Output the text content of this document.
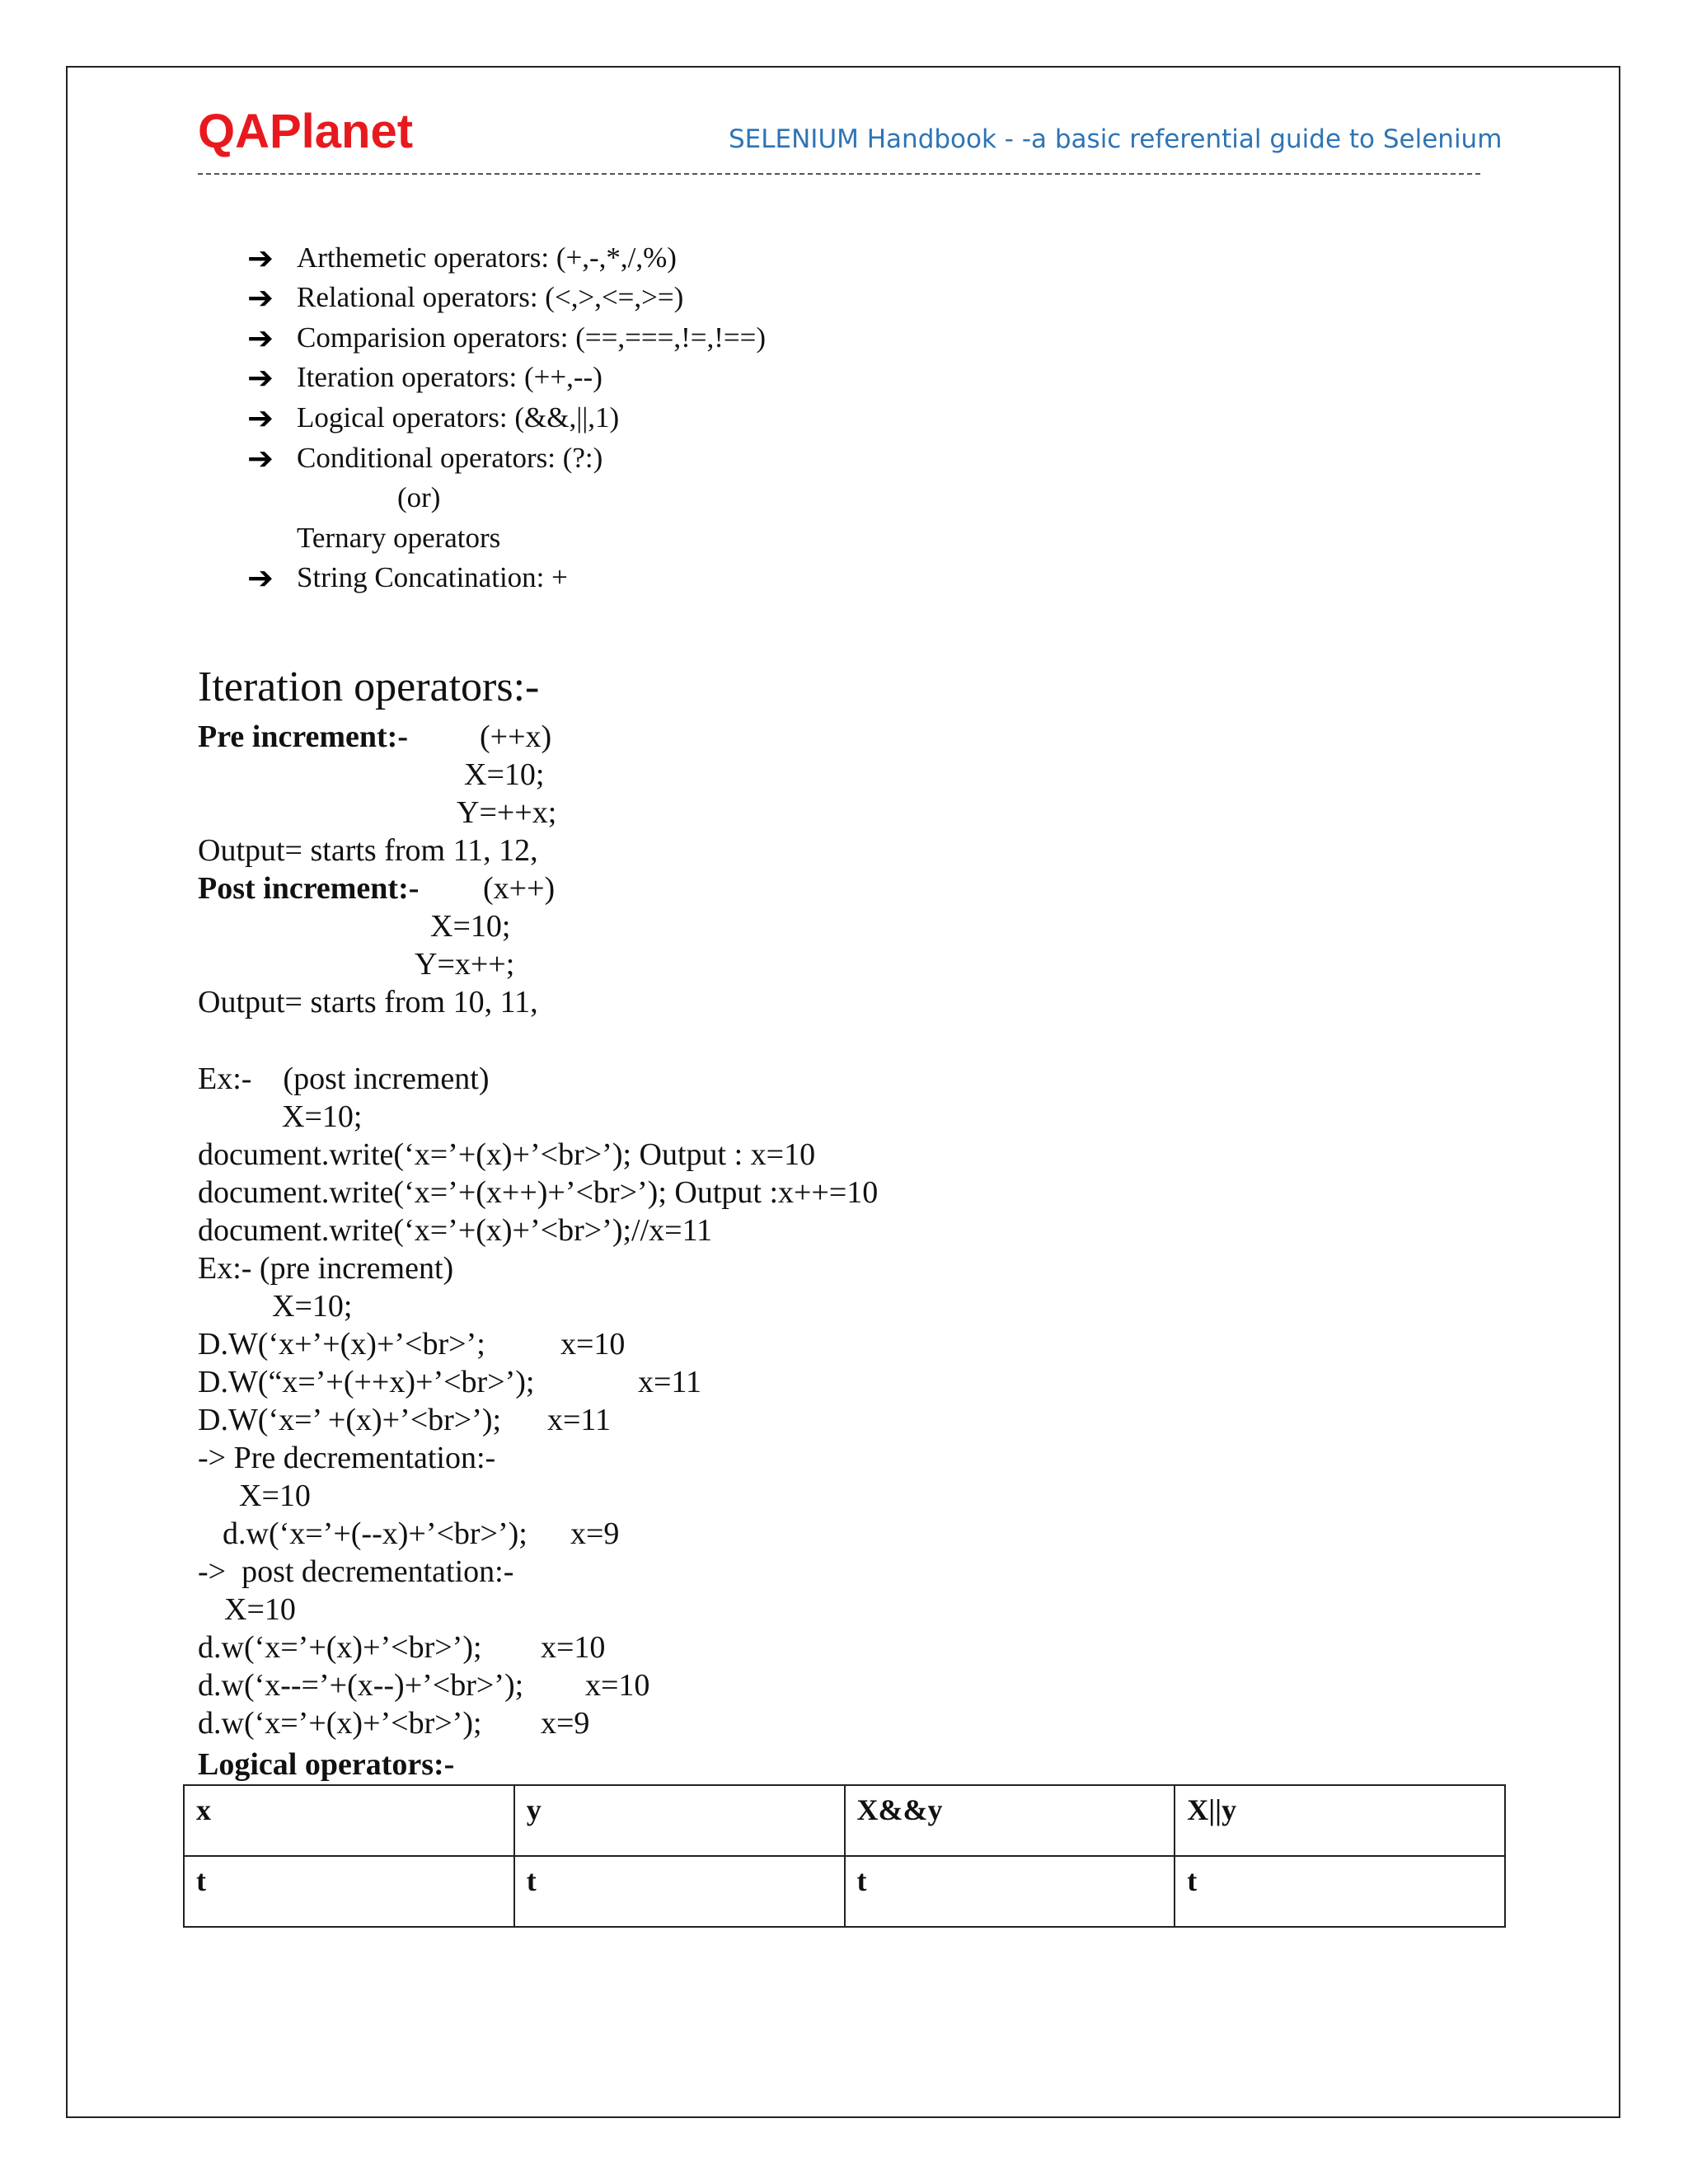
QAPlanet	SELENIUM Handbook - -a basic referential guide to Selenium
➔ Arthemetic operators: (+,-,*,/,%)
➔ Relational operators: (<,>,<=,>=)
➔ Comparision operators: (==,===,!=,!==)
➔ Iteration operators: (++,--)
➔ Logical operators: (&&,||,1)
➔ Conditional operators: (?:)
(or)
Ternary operators
➔ String Concatination: +
Iteration operators:-
Pre increment:- (++x)
X=10;
Y=++x;
Output= starts from 11, 12,
Post increment:- (x++)
X=10;
Y=x++;
Output= starts from 10, 11,
Ex:-    (post increment)
X=10;
document.write(‘x=’+(x)+’<br>’); Output : x=10
document.write(‘x=’+(x++)+’<br>’); Output :x++=10
document.write(‘x=’+(x)+’<br>’);//x=11
Ex:- (pre increment)
X=10;
D.W(‘x+’+(x)+’<br>’; x=10
D.W(“x=’+(++x)+’<br>’);	x=11
D.W(‘x=’ +(x)+’<br>’); x=11
-> Pre decrementation:-
X=10
d.w(‘x=’+(--x)+’<br>’); x=9
->  post decrementation:-
X=10
d.w(‘x=’+(x)+’<br>’); x=10
d.w(‘x--=’+(x--)+’<br>’); x=10
d.w(‘x=’+(x)+’<br>’); x=9
Logical operators:-
x	y	X&&y	X||y
t	t	t	t
